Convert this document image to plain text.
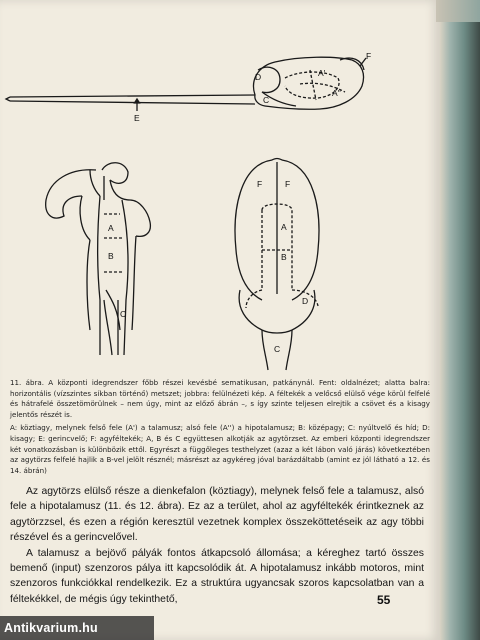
D
C
A'
A''
F
E
A
B
C
F	F
A
B
D
C

11. ábra. A központi idegrendszer főbb részei kevésbé sematikusan, patkánynál. Fent: oldalnézet; alatta balra: horizontális (vízszintes síkban történő) metszet; jobbra: felülnézeti kép. A féltekék a velőcső elülső vége körül felfelé és hátrafelé összetömörülnek – nem úgy, mint az előző ábrán –, s így szinte teljesen elrejtik a csövet és a kisagy jelentős részét is.

A: köztiagy, melynek felső fele (A') a talamusz; alsó fele (A'') a hipotalamusz; B: középagy; C: nyúltvelő és híd; D: kisagy; E: gerincvelő; F: agyféltekék; A, B és C együttesen alkotják az agytörzset. Az emberi központi idegrendszer két vonatkozásban is különbözik ettől. Egyrészt a függőleges testhelyzet (azaz a két lábon való járás) következtében az agytörzs felfelé hajlik a B-vel jelölt résznél; másrészt az agykéreg jóval barázdáltabb (amint ez jól látható a 12. és 14. ábrán)

Az agytörzs elülső része a dienkefalon (köztiagy), melynek felső fele a talamusz, alsó fele a hipotalamusz (11. és 12. ábra). Ez az a terület, ahol az agyféltekék érintkeznek az agytörzzsel, és ezen a régión keresztül vezetnek komplex összeköttetéseik az agy többi részével és a gerincvelővel.

A talamusz a bejövő pályák fontos átkapcsoló állomása; a kéreghez tartó összes bemenő (input) szenzoros pálya itt kapcsolódik át. A hipotalamusz inkább motoros, mint szenzoros funkciókkal rendelkezik. Ez a struktúra ugyancsak szoros kapcsolatban van a féltekékkel, de mégis úgy tekinthető,	55
Antikvarium.hu
